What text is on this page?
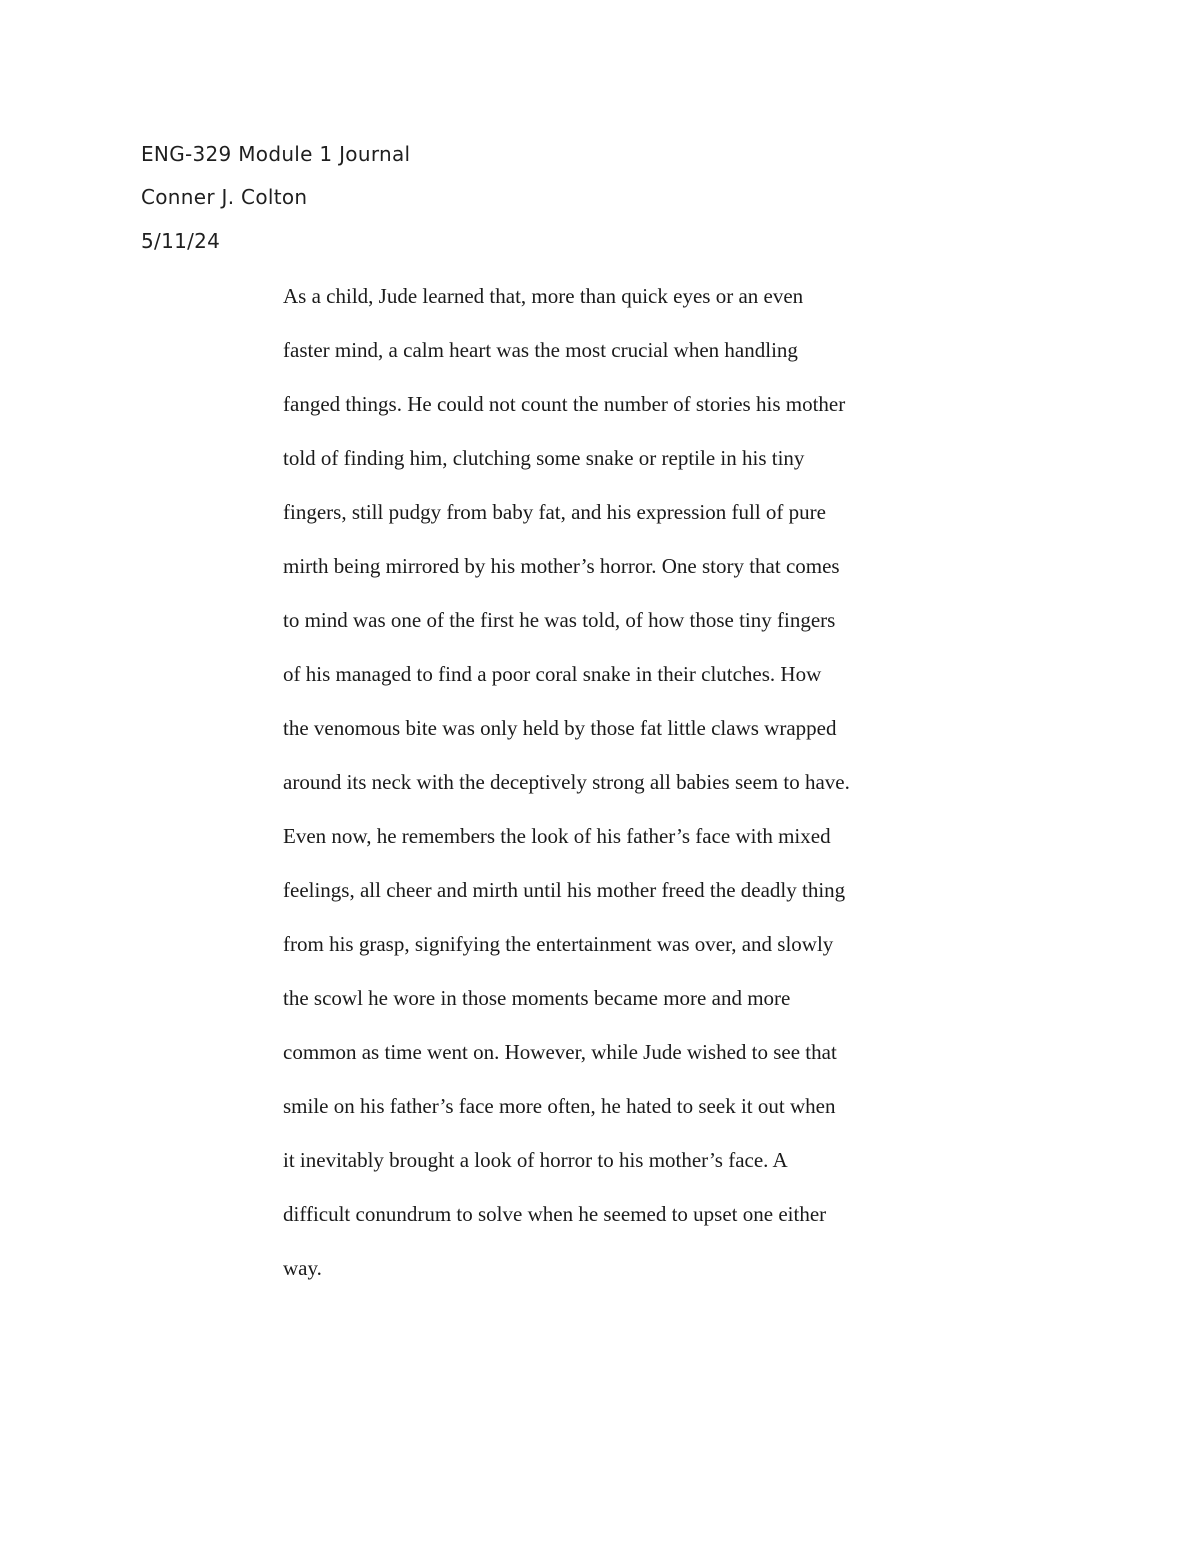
ENG-329 Module 1 Journal
Conner J. Colton
5/11/24
As a child, Jude learned that, more than quick eyes or an even
faster mind, a calm heart was the most crucial when handling
fanged things. He could not count the number of stories his mother
told of finding him, clutching some snake or reptile in his tiny
fingers, still pudgy from baby fat, and his expression full of pure
mirth being mirrored by his mother’s horror. One story that comes
to mind was one of the first he was told, of how those tiny fingers
of his managed to find a poor coral snake in their clutches. How
the venomous bite was only held by those fat little claws wrapped
around its neck with the deceptively strong all babies seem to have.
Even now, he remembers the look of his father’s face with mixed
feelings, all cheer and mirth until his mother freed the deadly thing
from his grasp, signifying the entertainment was over, and slowly
the scowl he wore in those moments became more and more
common as time went on. However, while Jude wished to see that
smile on his father’s face more often, he hated to seek it out when
it inevitably brought a look of horror to his mother’s face. A
difficult conundrum to solve when he seemed to upset one either
way.
